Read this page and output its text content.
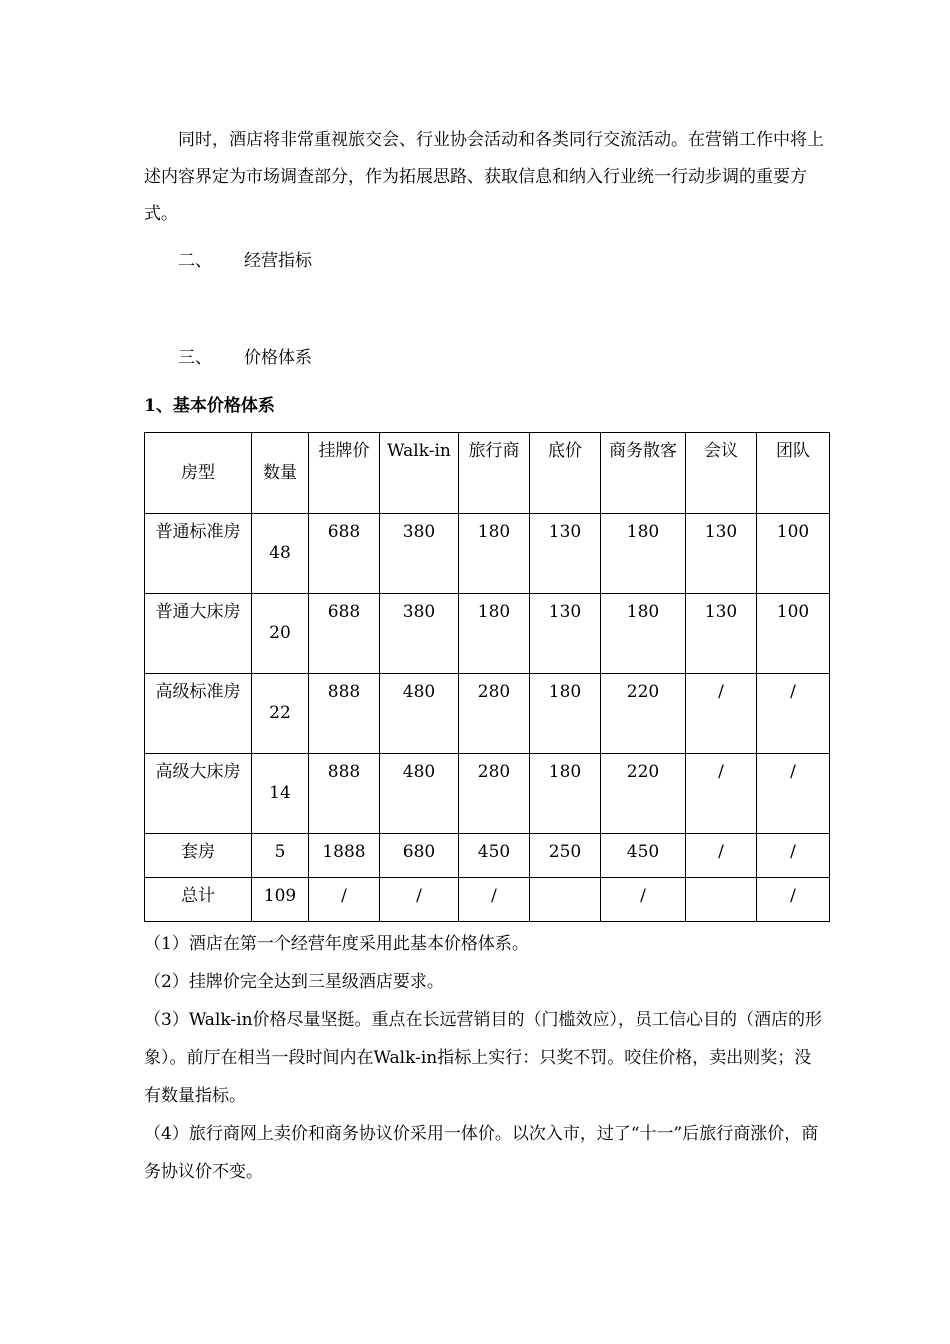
同时，酒店将非常重视旅交会、行业协会活动和各类同行交流活动。在营销工作中将上述内容界定为市场调查部分，作为拓展思路、获取信息和纳入行业统一行动步调的重要方式。

二、 经营指标

三、 价格体系

1、基本价格体系

房型	数量	挂牌价	Walk-in	旅行商	底价	商务散客	会议	团队
普通标准房	48	688	380	180	130	180	130	100
普通大床房	20	688	380	180	130	180	130	100
高级标准房	22	888	480	280	180	220	/	/
高级大床房	14	888	480	280	180	220	/	/
套房	5	1888	680	450	250	450	/	/
总计	109	/	/	/		/		/

（1）酒店在第一个经营年度采用此基本价格体系。

（2）挂牌价完全达到三星级酒店要求。

（3）Walk-in价格尽量坚挺。重点在长远营销目的（门槛效应），员工信心目的（酒店的形象）。前厅在相当一段时间内在Walk-in指标上实行：只奖不罚。咬住价格，卖出则奖；没有数量指标。

（4）旅行商网上卖价和商务协议价采用一体价。以次入市，过了“十一”后旅行商涨价，商务协议价不变。
